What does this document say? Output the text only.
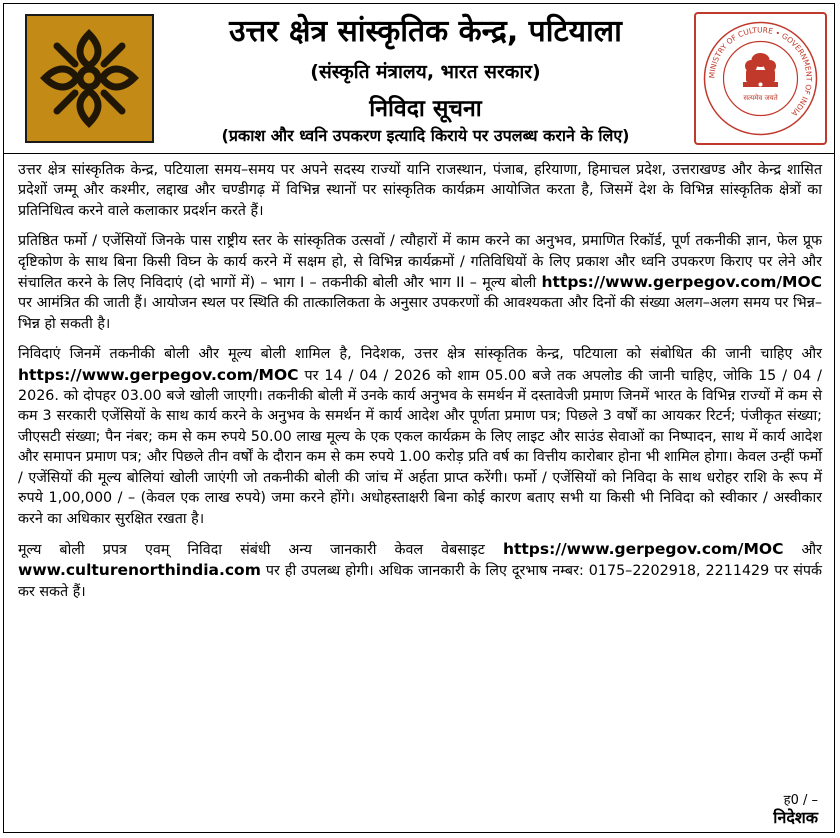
उत्तर क्षेत्र सांस्कृतिक केन्द्र, पटियाला
(संस्कृति मंत्रालय, भारत सरकार)
निविदा सूचना
(प्रकाश और ध्वनि उपकरण इत्यादि किराये पर उपलब्ध कराने के लिए)
MINISTRY OF CULTURE • GOVERNMENT OF INDIA
सत्यमेव जयते

उत्तर क्षेत्र सांस्कृतिक केन्द्र, पटियाला समय–समय पर अपने सदस्य राज्यों यानि राजस्थान, पंजाब, हरियाणा, हिमाचल प्रदेश, उत्तराखण्ड और केन्द्र शासित प्रदेशों जम्मू और कश्मीर, लद्दाख और चण्डीगढ़ में विभिन्न स्थानों पर सांस्कृतिक कार्यक्रम आयोजित करता है, जिसमें देश के विभिन्न सांस्कृतिक क्षेत्रों का प्रतिनिधित्व करने वाले कलाकार प्रदर्शन करते हैं।

प्रतिष्ठित फर्मो / एजेंसियों जिनके पास राष्ट्रीय स्तर के सांस्कृतिक उत्सवों / त्यौहारों में काम करने का अनुभव, प्रमाणित रिकॉर्ड, पूर्ण तकनीकी ज्ञान, फेल प्रूफ दृष्टिकोण के साथ बिना किसी विघ्न के कार्य करने में सक्षम हो, से विभिन्न कार्यक्रमों / गतिविधियों के लिए प्रकाश और ध्वनि उपकरण किराए पर लेने और संचालित करने के लिए निविदाएं (दो भागों में) – भाग I – तकनीकी बोली और भाग II – मूल्य बोली https://www.gerpegov.com/MOC पर आमंत्रित की जाती हैं। आयोजन स्थल पर स्थिति की तात्कालिकता के अनुसार उपकरणों की आवश्यकता और दिनों की संख्या अलग–अलग समय पर भिन्न–भिन्न हो सकती है।

निविदाएं जिनमें तकनीकी बोली और मूल्य बोली शामिल है, निदेशक, उत्तर क्षेत्र सांस्कृतिक केन्द्र, पटियाला को संबोधित की जानी चाहिए और https://www.gerpegov.com/MOC पर 14 / 04 / 2026 को शाम 05.00 बजे तक अपलोड की जानी चाहिए, जोकि 15 / 04 / 2026. को दोपहर 03.00 बजे खोली जाएगी। तकनीकी बोली में उनके कार्य अनुभव के समर्थन में दस्तावेजी प्रमाण जिनमें भारत के विभिन्न राज्यों में कम से कम 3 सरकारी एजेंसियों के साथ कार्य करने के अनुभव के समर्थन में कार्य आदेश और पूर्णता प्रमाण पत्र; पिछले 3 वर्षों का आयकर रिटर्न; पंजीकृत संख्या; जीएसटी संख्या; पैन नंबर; कम से कम रुपये 50.00 लाख मूल्य के एक एकल कार्यक्रम के लिए लाइट और साउंड सेवाओं का निष्पादन, साथ में कार्य आदेश और समापन प्रमाण पत्र; और पिछले तीन वर्षों के दौरान कम से कम रुपये 1.00 करोड़ प्रति वर्ष का वित्तीय कारोबार होना भी शामिल होगा। केवल उन्हीं फर्मो / एजेंसियों की मूल्य बोलियां खोली जाएंगी जो तकनीकी बोली की जांच में अर्हता प्राप्त करेंगी। फर्मो / एजेंसियों को निविदा के साथ धरोहर राशि के रूप में रुपये 1,00,000 / – (केवल एक लाख रुपये) जमा करने होंगे। अधोहस्ताक्षरी बिना कोई कारण बताए सभी या किसी भी निविदा को स्वीकार / अस्वीकार करने का अधिकार सुरक्षित रखता है।

मूल्य बोली प्रपत्र एवम् निविदा संबंधी अन्य जानकारी केवल वेबसाइट https://www.gerpegov.com/MOC और www.culturenorthindia.com पर ही उपलब्ध होगी। अधिक जानकारी के लिए दूरभाष नम्बर: 0175–2202918, 2211429 पर संपर्क कर सकते हैं।

ह0 / –
निदेशक
